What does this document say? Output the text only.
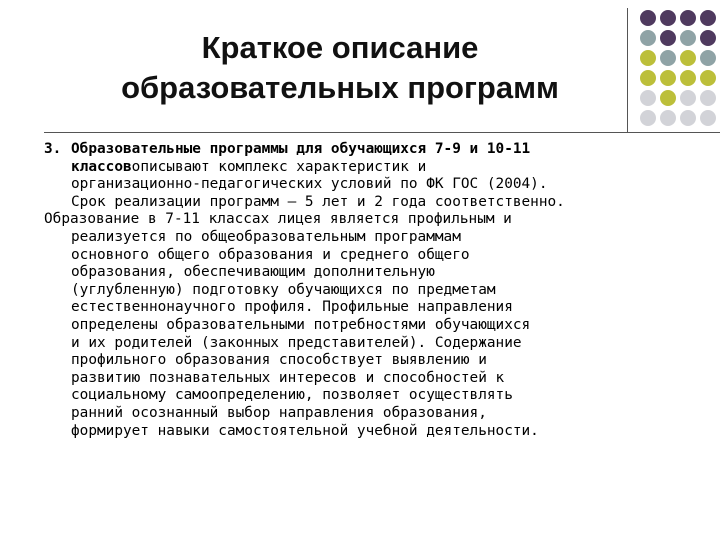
Краткое описание
образовательных программ
3. Образовательные программы для обучающихся 7-9 и 10-11
классовописывают комплекс характеристик и
организационно-педагогических условий по ФК ГОС (2004).
Срок реализации программ – 5 лет и 2 года соответственно.
Образование в 7-11 классах лицея является профильным и
реализуется по общеобразовательным программам
основного общего образования и среднего общего
образования, обеспечивающим дополнительную
(углубленную) подготовку обучающихся по предметам
естественнонаучного профиля. Профильные направления
определены образовательными потребностями обучающихся
и их родителей (законных представителей). Содержание
профильного образования способствует выявлению и
развитию познавательных интересов и способностей к
социальному самоопределению, позволяет осуществлять
ранний осознанный выбор направления образования,
формирует навыки самостоятельной учебной деятельности.
